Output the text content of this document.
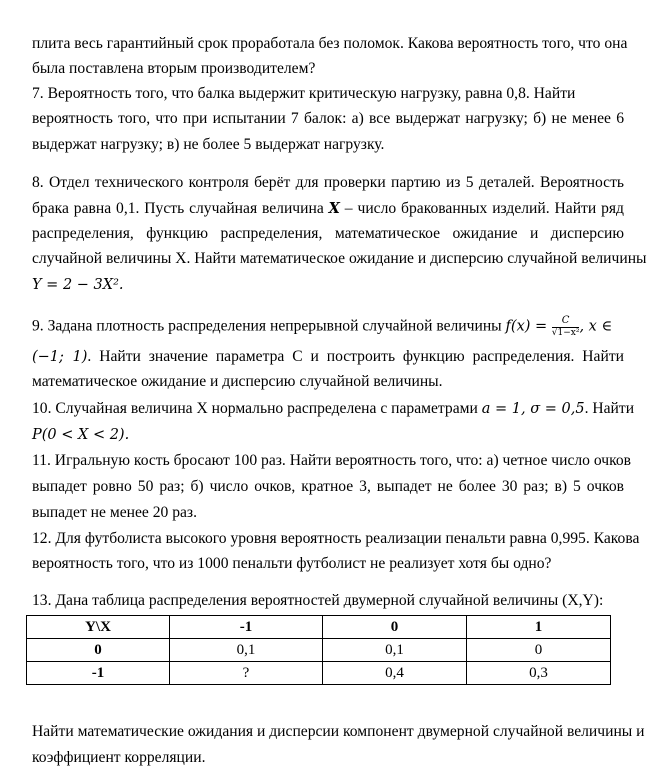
плита весь гарантийный срок проработала без поломок. Какова вероятность того, что она
была поставлена вторым производителем?
7. Вероятность того, что балка выдержит критическую нагрузку, равна 0,8. Найти
вероятность того, что при испытании 7 балок: а) все выдержат нагрузку; б) не менее 6
выдержат нагрузку; в) не более 5 выдержат нагрузку.
8. Отдел технического контроля берёт для проверки партию из 5 деталей. Вероятность
брака равна 0,1. Пусть случайная величина X – число бракованных изделий. Найти ряд
распределения, функцию распределения, математическое ожидание и дисперсию
случайной величины X. Найти математическое ожидание и дисперсию случайной величины
Y = 2 − 3X².
9. Задана плотность распределения непрерывной случайной величины $f(x) = \frac{C}{\text{√1−x²}}$ , x ∈
(−1; 1). Найти значение параметра C и построить функцию распределения. Найти
математическое ожидание и дисперсию случайной величины.
10. Случайная величина X нормально распределена с параметрами a = 1, σ = 0,5. Найти
P(0 < X < 2).
11. Игральную кость бросают 100 раз. Найти вероятность того, что: а) четное число очков
выпадет ровно 50 раз; б) число очков, кратное 3, выпадет не более 30 раз; в) 5 очков
выпадет не менее 20 раз.
12. Для футболиста высокого уровня вероятность реализации пенальти равна 0,995. Какова
вероятность того, что из 1000 пенальти футболист не реализует хотя бы одно?
13. Дана таблица распределения вероятностей двумерной случайной величины (X,Y):
Y\X	-1	0	1
0	0,1	0,1	0
-1	?	0,4	0,3
Найти математические ожидания и дисперсии компонент двумерной случайной величины и
коэффициент корреляции.
